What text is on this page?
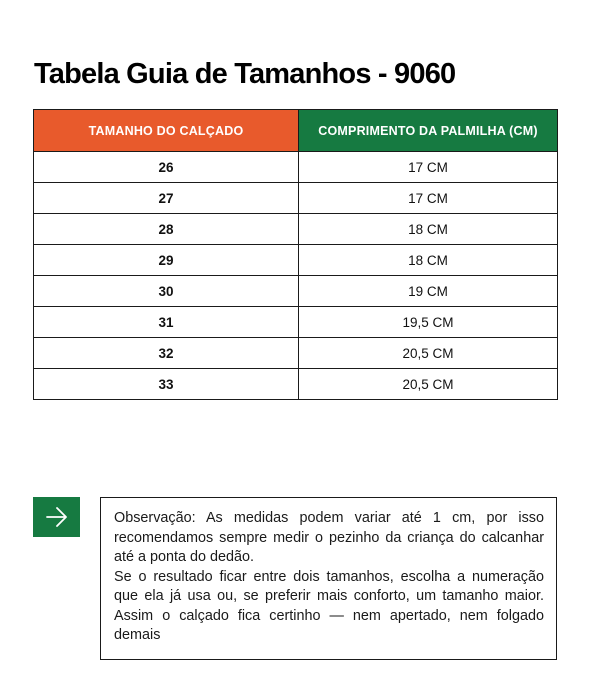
Tabela Guia de Tamanhos - 9060
TAMANHO DO CALÇADO	COMPRIMENTO DA PALMILHA (CM)
26	17 CM
27	17 CM
28	18 CM
29	18 CM
30	19 CM
31	19,5 CM
32	20,5 CM
33	20,5 CM

Observação: As medidas podem variar até 1 cm, por isso recomendamos sempre medir o pezinho da criança do calcanhar até a ponta do dedão.

Se o resultado ficar entre dois tamanhos, escolha a numeração que ela já usa ou, se preferir mais conforto, um tamanho maior. Assim o calçado fica certinho — nem apertado, nem folgado demais
